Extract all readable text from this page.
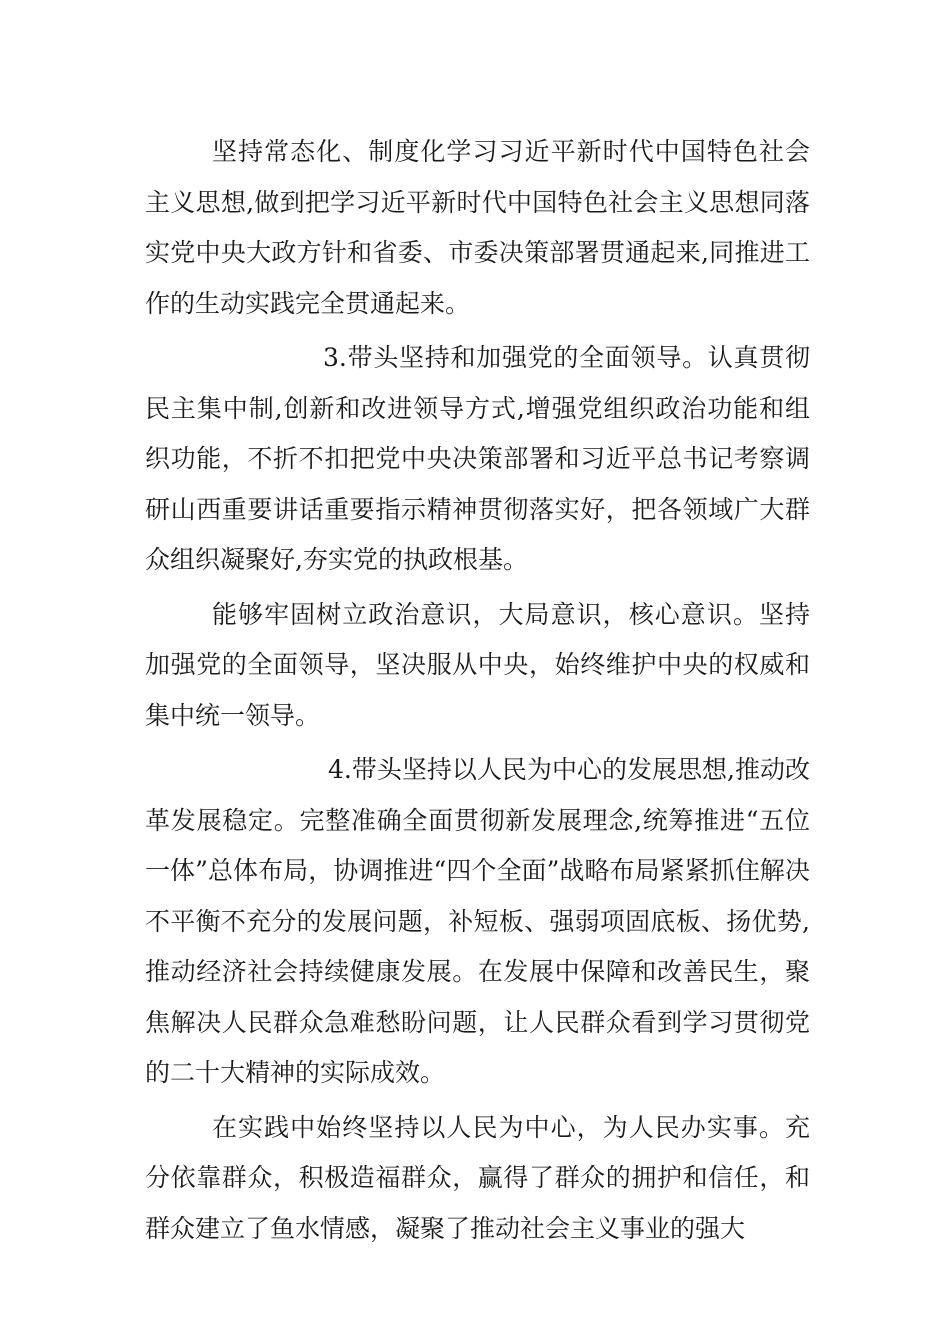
坚持常态化、制度化学习习近平新时代中国特色社会主义思想,做到把学习近平新时代中国特色社会主义思想同落实党中央大政方针和省委、市委决策部署贯通起来,同推进工作的生动实践完全贯通起来。

3.带头坚持和加强党的全面领导。认真贯彻民主集中制,创新和改进领导方式,增强党组织政治功能和组织功能，不折不扣把党中央决策部署和习近平总书记考察调研山西重要讲话重要指示精神贯彻落实好，把各领域广大群众组织凝聚好,夯实党的执政根基。

能够牢固树立政治意识，大局意识，核心意识。坚持加强党的全面领导，坚决服从中央，始终维护中央的权威和集中统一领导。

4.带头坚持以人民为中心的发展思想,推动改革发展稳定。完整准确全面贯彻新发展理念,统筹推进“五位一体”总体布局，协调推进“四个全面”战略布局紧紧抓住解决不平衡不充分的发展问题，补短板、强弱项固底板、扬优势,推动经济社会持续健康发展。在发展中保障和改善民生，聚焦解决人民群众急难愁盼问题，让人民群众看到学习贯彻党的二十大精神的实际成效。

在实践中始终坚持以人民为中心，为人民办实事。充分依靠群众，积极造福群众，赢得了群众的拥护和信任，和群众建立了鱼水情感，凝聚了推动社会主义事业的强大
